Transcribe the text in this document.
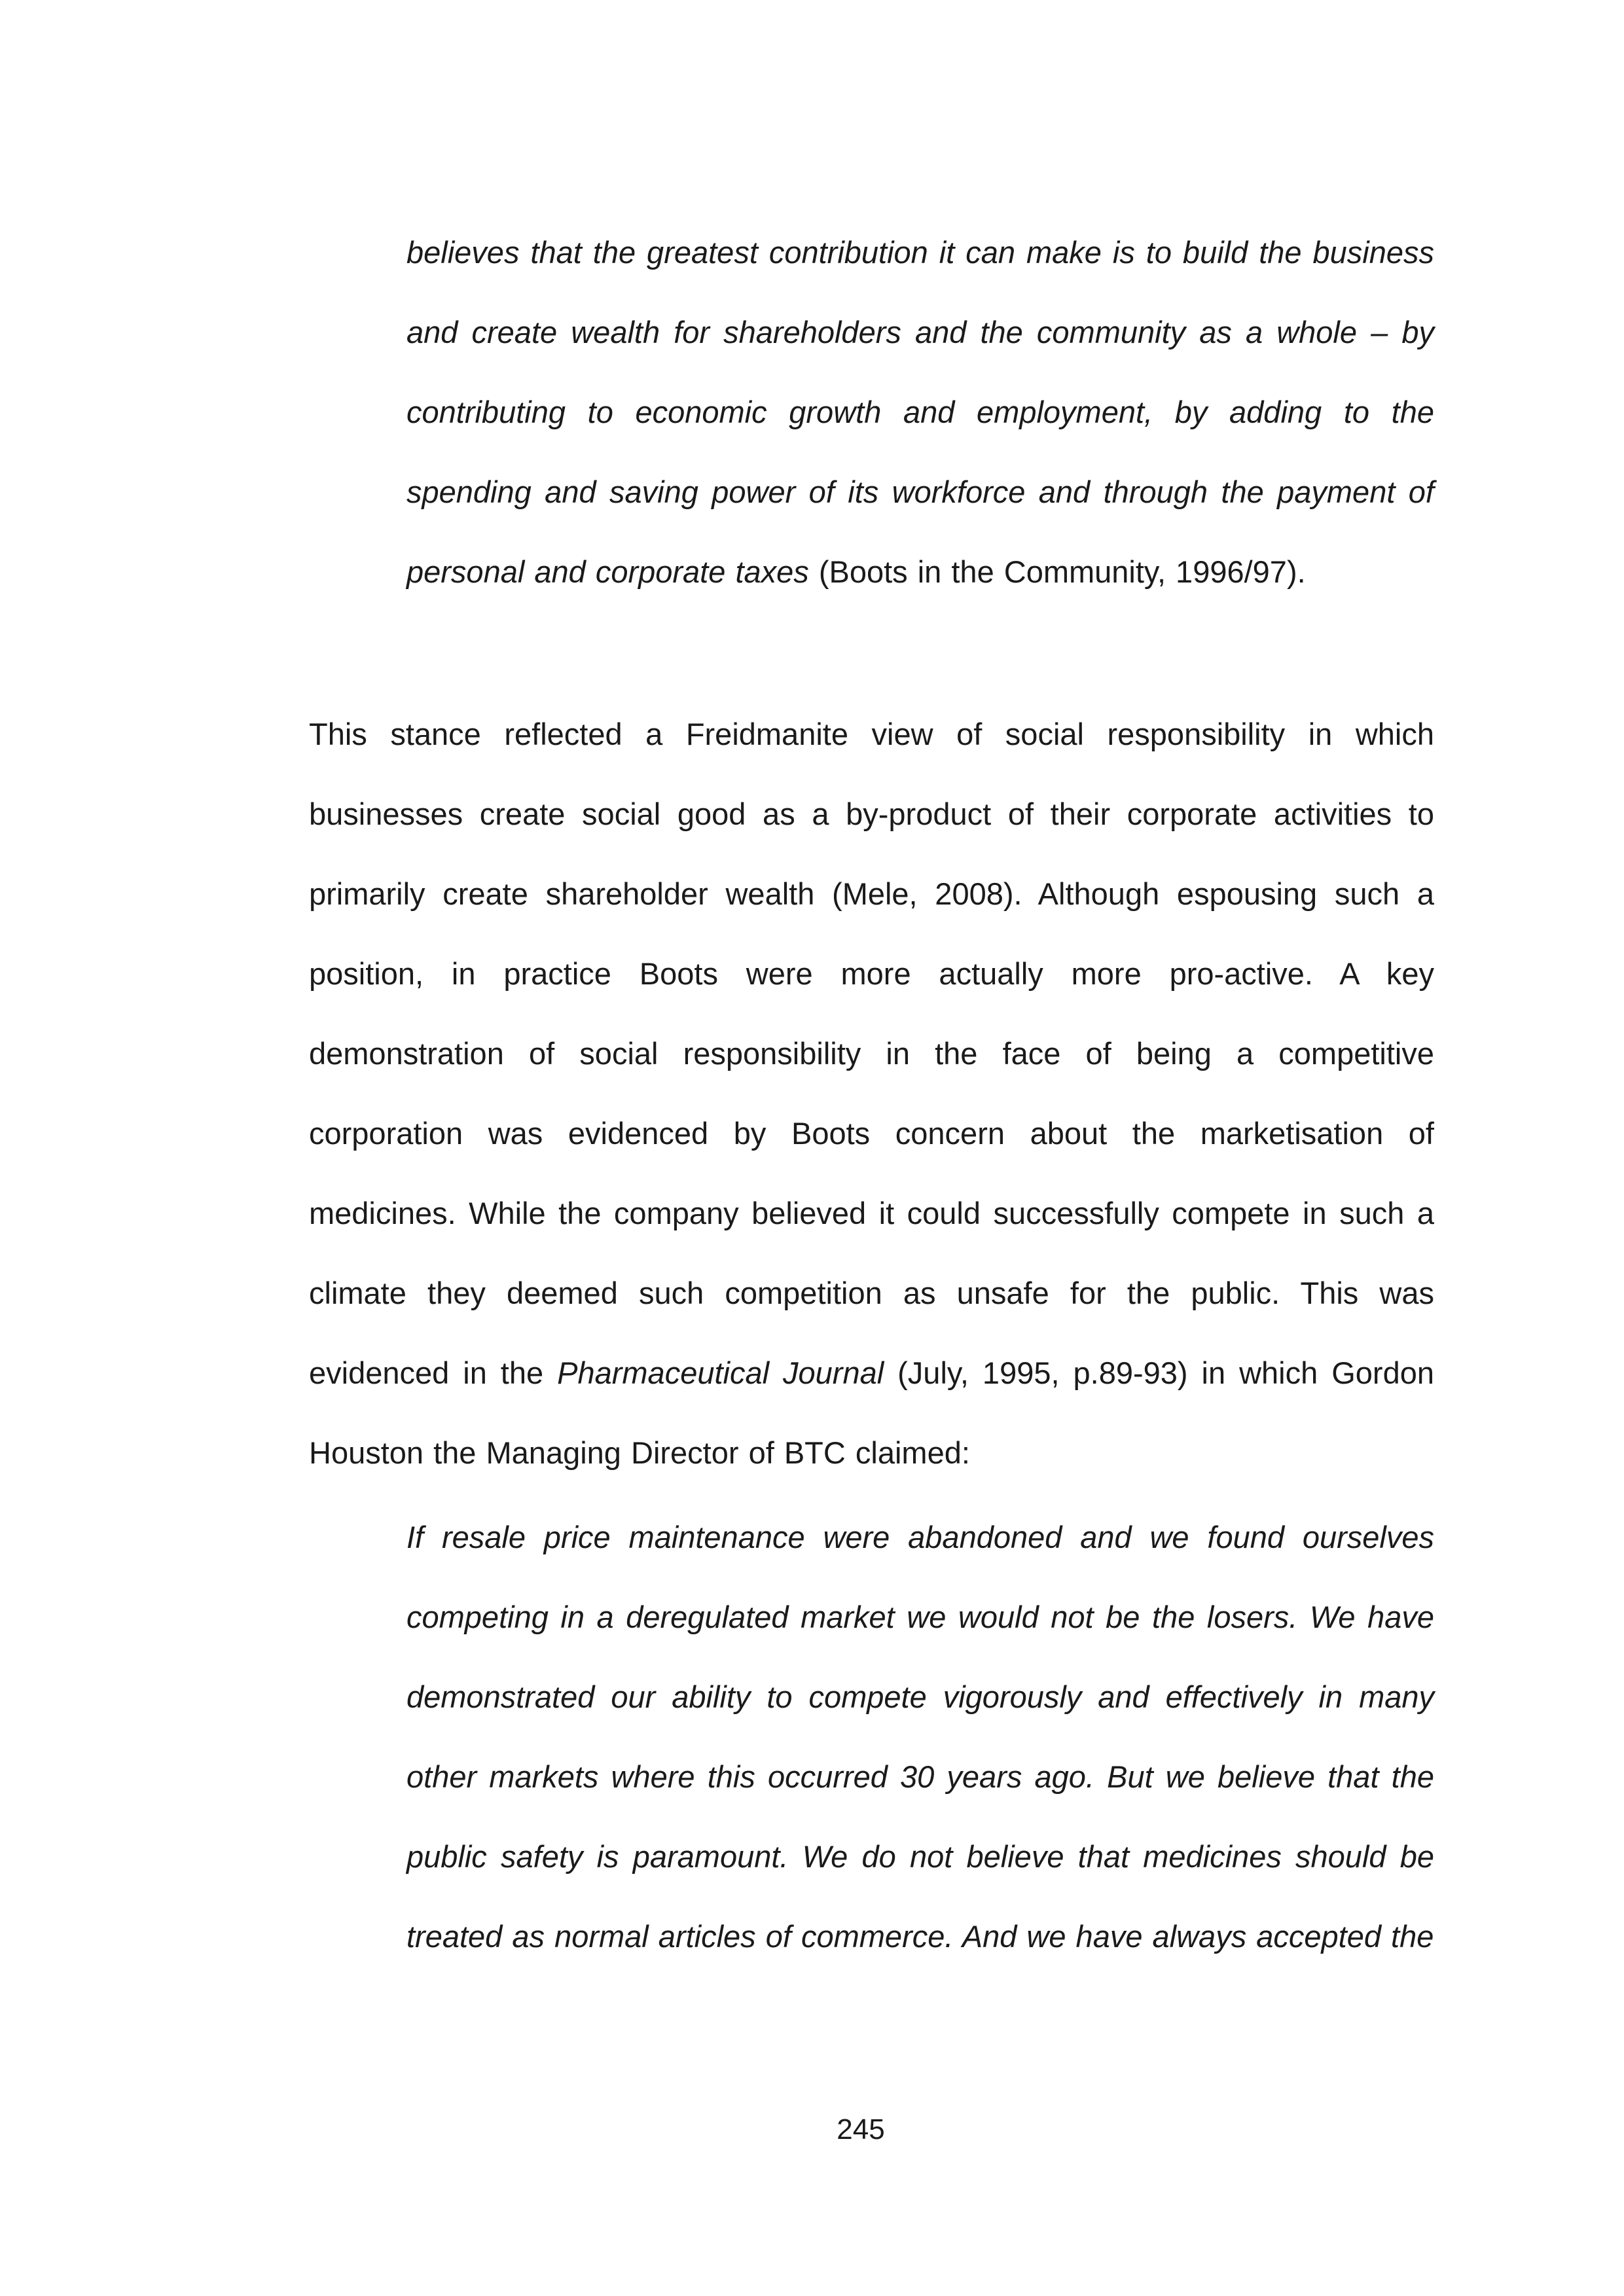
believes that the greatest contribution it can make is to build the business and create wealth for shareholders and the community as a whole – by contributing to economic growth and employment, by adding to the spending and saving power of its workforce and through the payment of personal and corporate taxes (Boots in the Community, 1996/97).
This stance reflected a Freidmanite view of social responsibility in which businesses create social good as a by-product of their corporate activities to primarily create shareholder wealth (Mele, 2008). Although espousing such a position, in practice Boots were more actually more pro-active. A key demonstration of social responsibility in the face of being a competitive corporation was evidenced by Boots concern about the marketisation of medicines. While the company believed it could successfully compete in such a climate they deemed such competition as unsafe for the public. This was evidenced in the Pharmaceutical Journal (July, 1995, p.89-93) in which Gordon Houston the Managing Director of BTC claimed:
If resale price maintenance were abandoned and we found ourselves competing in a deregulated market we would not be the losers. We have demonstrated our ability to compete vigorously and effectively in many other markets where this occurred 30 years ago. But we believe that the public safety is paramount. We do not believe that medicines should be treated as normal articles of commerce. And we have always accepted the
245
